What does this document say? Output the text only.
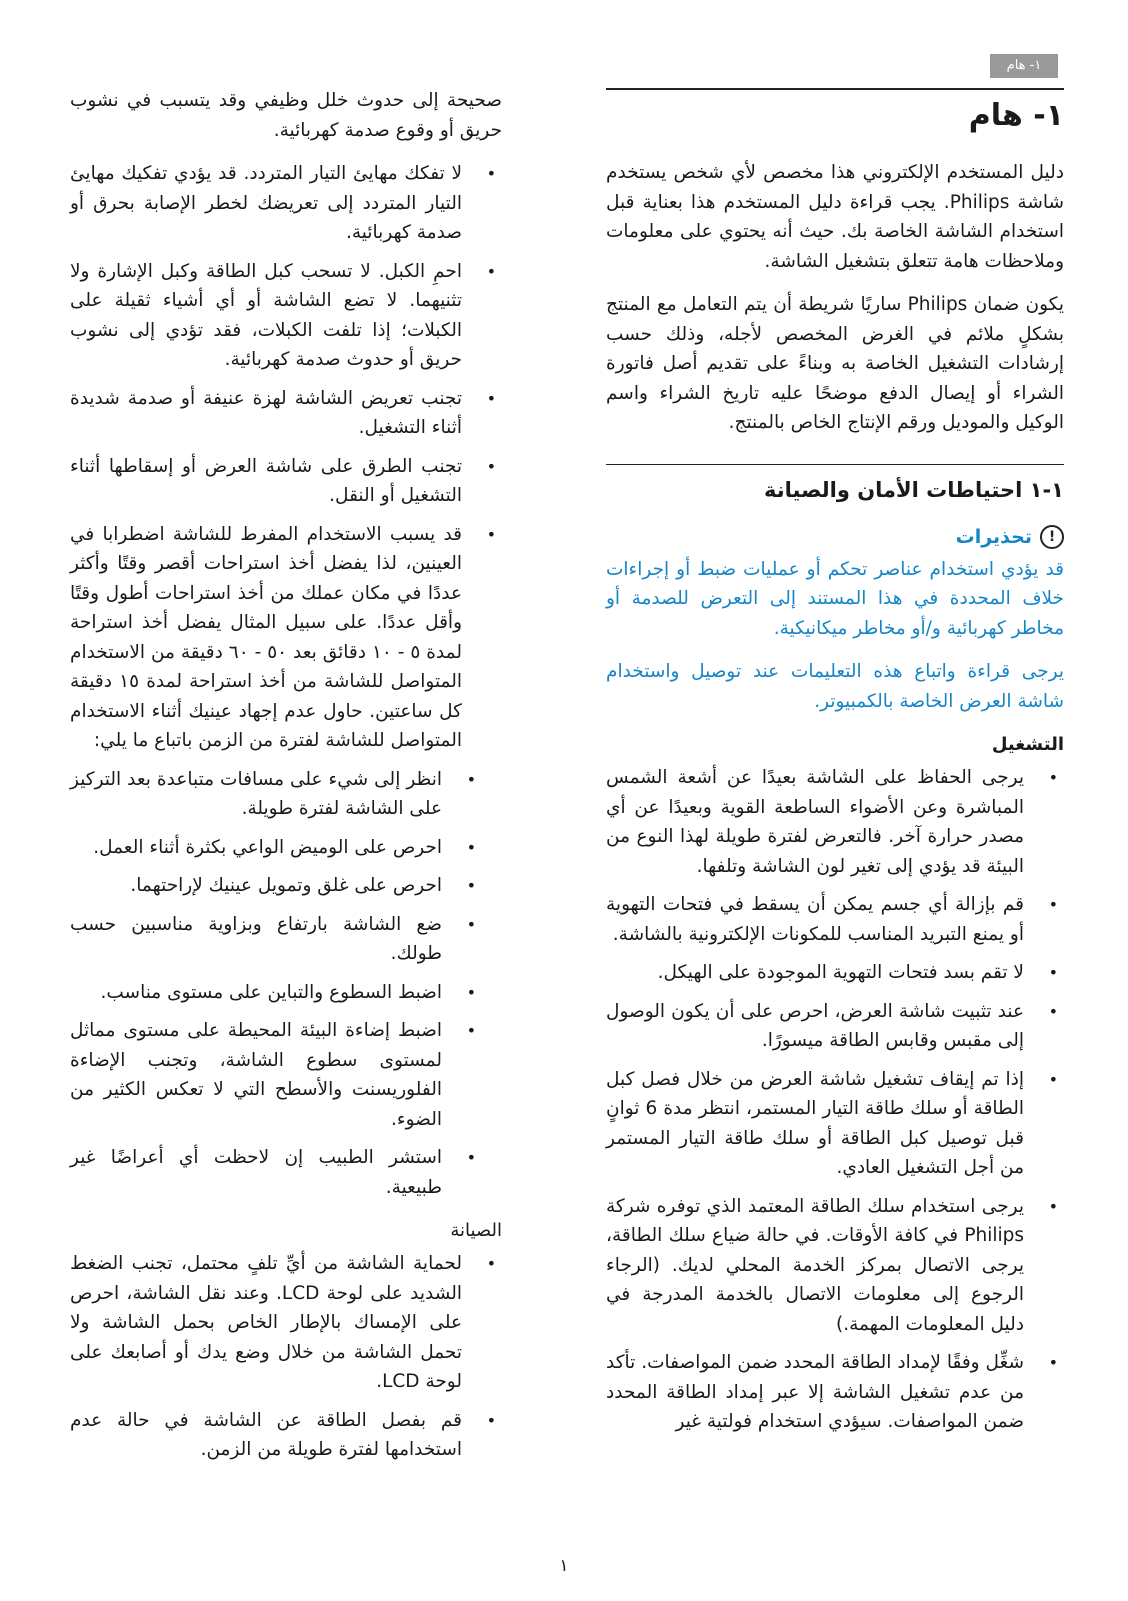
١- هام
١- هام

دليل المستخدم الإلكتروني هذا مخصص لأي شخص يستخدم شاشة Philips. يجب قراءة دليل المستخدم هذا بعناية قبل استخدام الشاشة الخاصة بك. حيث أنه يحتوي على معلومات وملاحظات هامة تتعلق بتشغيل الشاشة.

يكون ضمان Philips ساريًا شريطة أن يتم التعامل مع المنتج بشكلٍ ملائم في الغرض المخصص لأجله، وذلك حسب إرشادات التشغيل الخاصة به وبناءً على تقديم أصل فاتورة الشراء أو إيصال الدفع موضحًا عليه تاريخ الشراء واسم الوكيل والموديل ورقم الإنتاج الخاص بالمنتج.

١-١ احتياطات الأمان والصيانة
!
تحذيرات

قد يؤدي استخدام عناصر تحكم أو عمليات ضبط أو إجراءات خلاف المحددة في هذا المستند إلى التعرض للصدمة أو مخاطر كهربائية و/أو مخاطر ميكانيكية.

يرجى قراءة واتباع هذه التعليمات عند توصيل واستخدام شاشة العرض الخاصة بالكمبيوتر.

التشغيل
• يرجى الحفاظ على الشاشة بعيدًا عن أشعة الشمس المباشرة وعن الأضواء الساطعة القوية وبعيدًا عن أي مصدر حرارة آخر. فالتعرض لفترة طويلة لهذا النوع من البيئة قد يؤدي إلى تغير لون الشاشة وتلفها.
• قم بإزالة أي جسم يمكن أن يسقط في فتحات التهوية أو يمنع التبريد المناسب للمكونات الإلكترونية بالشاشة.
• لا تقم بسد فتحات التهوية الموجودة على الهيكل.
• عند تثبيت شاشة العرض، احرص على أن يكون الوصول إلى مقبس وقابس الطاقة ميسورًا.
• إذا تم إيقاف تشغيل شاشة العرض من خلال فصل كبل الطاقة أو سلك طاقة التيار المستمر، انتظر مدة 6 ثوانٍ قبل توصيل كبل الطاقة أو سلك طاقة التيار المستمر من أجل التشغيل العادي.
• يرجى استخدام سلك الطاقة المعتمد الذي توفره شركة Philips في كافة الأوقات. في حالة ضياع سلك الطاقة، يرجى الاتصال بمركز الخدمة المحلي لديك. (الرجاء الرجوع إلى معلومات الاتصال بالخدمة المدرجة في دليل المعلومات المهمة.)
• شغِّل وفقًا لإمداد الطاقة المحدد ضمن المواصفات. تأكد من عدم تشغيل الشاشة إلا عبر إمداد الطاقة المحدد ضمن المواصفات. سيؤدي استخدام فولتية غير

صحيحة إلى حدوث خلل وظيفي وقد يتسبب في نشوب حريق أو وقوع صدمة كهربائية.

• لا تفكك مهايئ التيار المتردد. قد يؤدي تفكيك مهايئ التيار المتردد إلى تعريضك لخطر الإصابة بحرق أو صدمة كهربائية.
• احمِ الكبل. لا تسحب كبل الطاقة وكبل الإشارة ولا تثنيهما. لا تضع الشاشة أو أي أشياء ثقيلة على الكبلات؛ إذا تلفت الكبلات، فقد تؤدي إلى نشوب حريق أو حدوث صدمة كهربائية.
• تجنب تعريض الشاشة لهزة عنيفة أو صدمة شديدة أثناء التشغيل.
• تجنب الطرق على شاشة العرض أو إسقاطها أثناء التشغيل أو النقل.
• قد يسبب الاستخدام المفرط للشاشة اضطرابا في العينين، لذا يفضل أخذ استراحات أقصر وقتًا وأكثر عددًا في مكان عملك من أخذ استراحات أطول وقتًا وأقل عددًا. على سبيل المثال يفضل أخذ استراحة لمدة ٥ - ١٠ دقائق بعد ٥٠ - ٦٠ دقيقة من الاستخدام المتواصل للشاشة من أخذ استراحة لمدة ١٥ دقيقة كل ساعتين. حاول عدم إجهاد عينيك أثناء الاستخدام المتواصل للشاشة لفترة من الزمن باتباع ما يلي:
• انظر إلى شيء على مسافات متباعدة بعد التركيز على الشاشة لفترة طويلة.
• احرص على الوميض الواعي بكثرة أثناء العمل.
• احرص على غلق وتمويل عينيك لإراحتهما.
• ضع الشاشة بارتفاع وبزاوية مناسبين حسب طولك.
• اضبط السطوع والتباين على مستوى مناسب.
• اضبط إضاءة البيئة المحيطة على مستوى مماثل لمستوى سطوع الشاشة، وتجنب الإضاءة الفلوريسنت والأسطح التي لا تعكس الكثير من الضوء.
• استشر الطبيب إن لاحظت أي أعراضًا غير طبيعية.
الصيانة
• لحماية الشاشة من أيِّ تلفٍ محتمل، تجنب الضغط الشديد على لوحة LCD. وعند نقل الشاشة، احرص على الإمساك بالإطار الخاص بحمل الشاشة ولا تحمل الشاشة من خلال وضع يدك أو أصابعك على لوحة LCD.
• قم بفصل الطاقة عن الشاشة في حالة عدم استخدامها لفترة طويلة من الزمن.
١
